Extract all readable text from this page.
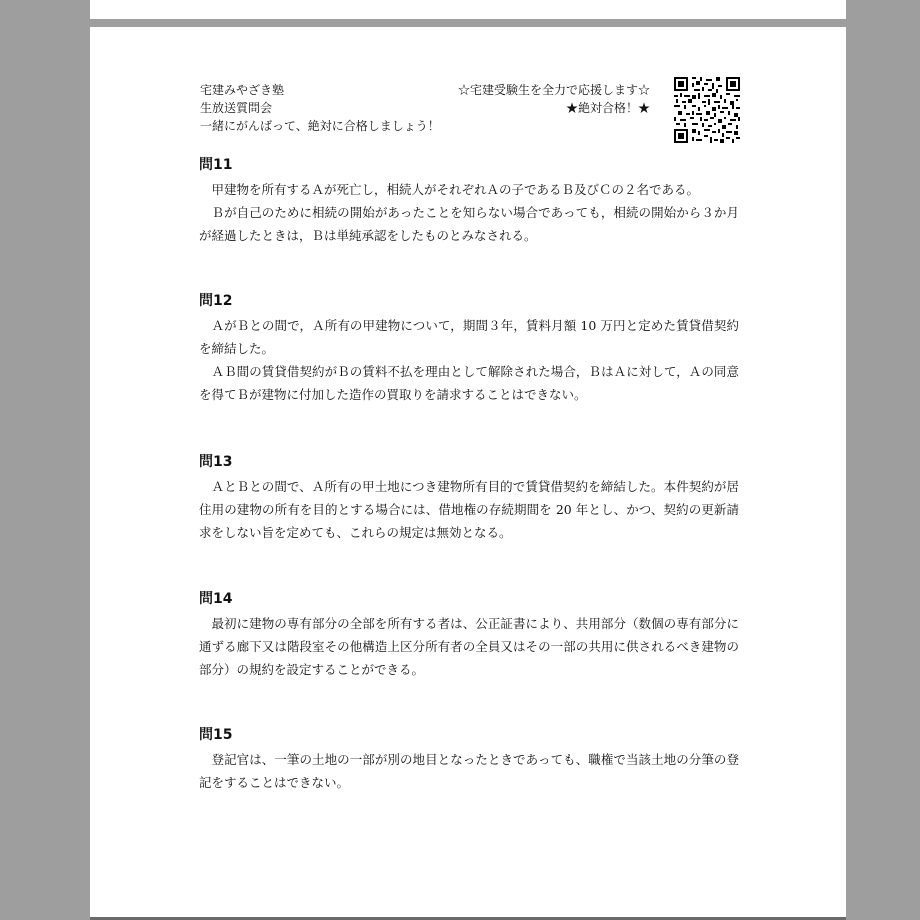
宅建みやざき塾
生放送質問会
一緒にがんばって、絶対に合格しましょう！
☆宅建受験生を全力で応援します☆
★絶対合格！★
問11

甲建物を所有するＡが死亡し，相続人がそれぞれＡの子であるＢ及びＣの２名である。

Ｂが自己のために相続の開始があったことを知らない場合であっても，相続の開始から３か月が経過したときは，Ｂは単純承認をしたものとみなされる。

問12

ＡがＢとの間で，Ａ所有の甲建物について，期間３年，賃料月額 10 万円と定めた賃貸借契約を締結した。

ＡＢ間の賃貸借契約がＢの賃料不払を理由として解除された場合，ＢはＡに対して，Ａの同意を得てＢが建物に付加した造作の買取りを請求することはできない。

問13

ＡとＢとの間で、Ａ所有の甲土地につき建物所有目的で賃貸借契約を締結した。本件契約が居住用の建物の所有を目的とする場合には、借地権の存続期間を 20 年とし、かつ、契約の更新請求をしない旨を定めても、これらの規定は無効となる。

問14

最初に建物の専有部分の全部を所有する者は、公正証書により、共用部分（数個の専有部分に通ずる廊下又は階段室その他構造上区分所有者の全員又はその一部の共用に供されるべき建物の部分）の規約を設定することができる。

問15

登記官は、一筆の土地の一部が別の地目となったときであっても、職権で当該土地の分筆の登記をすることはできない。
